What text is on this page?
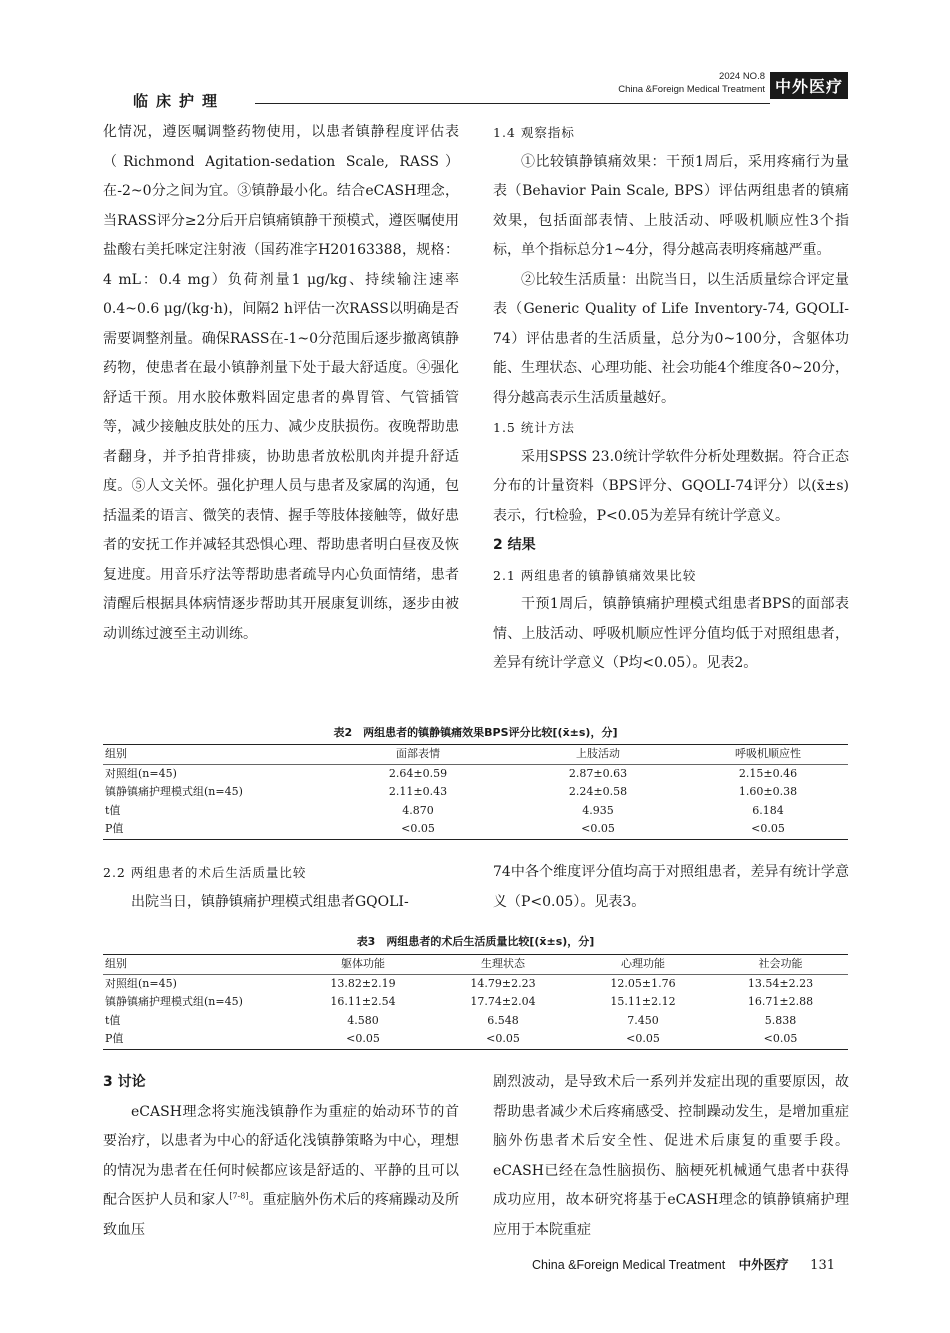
临床护理
2024 NO.8
China &Foreign Medical Treatment 中外医疗

化情况，遵医嘱调整药物使用，以患者镇静程度评估表（Richmond Agitation-sedation Scale, RASS）在-2~0分之间为宜。③镇静最小化。结合eCASH理念，当RASS评分≥2分后开启镇痛镇静干预模式，遵医嘱使用盐酸右美托咪定注射液（国药准字H20163388，规格：4 mL：0.4 mg）负荷剂量1 μg/kg、持续输注速率0.4~0.6 μg/(kg·h)，间隔2 h评估一次RASS以明确是否需要调整剂量。确保RASS在-1~0分范围后逐步撤离镇静药物，使患者在最小镇静剂量下处于最大舒适度。④强化舒适干预。用水胶体敷料固定患者的鼻胃管、气管插管等，减少接触皮肤处的压力、减少皮肤损伤。夜晚帮助患者翻身，并予拍背排痰，协助患者放松肌肉并提升舒适度。⑤人文关怀。强化护理人员与患者及家属的沟通，包括温柔的语言、微笑的表情、握手等肢体接触等，做好患者的安抚工作并减轻其恐惧心理、帮助患者明白昼夜及恢复进度。用音乐疗法等帮助患者疏导内心负面情绪，患者清醒后根据具体病情逐步帮助其开展康复训练，逐步由被动训练过渡至主动训练。

1.4 观察指标

①比较镇静镇痛效果：干预1周后，采用疼痛行为量表（Behavior Pain Scale, BPS）评估两组患者的镇痛效果，包括面部表情、上肢活动、呼吸机顺应性3个指标，单个指标总分1~4分，得分越高表明疼痛越严重。

②比较生活质量：出院当日，以生活质量综合评定量表（Generic Quality of Life Inventory-74, GQOLI-74）评估患者的生活质量，总分为0~100分，含躯体功能、生理状态、心理功能、社会功能4个维度各0~20分，得分越高表示生活质量越好。

1.5 统计方法

采用SPSS 23.0统计学软件分析处理数据。符合正态分布的计量资料（BPS评分、GQOLI-74评分）以(x̄±s)表示，行t检验，P<0.05为差异有统计学意义。

2 结果

2.1 两组患者的镇静镇痛效果比较

干预1周后，镇静镇痛护理模式组患者BPS的面部表情、上肢活动、呼吸机顺应性评分值均低于对照组患者，差异有统计学意义（P均<0.05）。见表2。

表2　两组患者的镇静镇痛效果BPS评分比较[(x̄±s)，分]
组别	面部表情	上肢活动	呼吸机顺应性
对照组(n=45)	2.64±0.59	2.87±0.63	2.15±0.46
镇静镇痛护理模式组(n=45)	2.11±0.43	2.24±0.58	1.60±0.38
t值	4.870	4.935	6.184
P值	<0.05	<0.05	<0.05

2.2 两组患者的术后生活质量比较

出院当日，镇静镇痛护理模式组患者GQOLI-

74中各个维度评分值均高于对照组患者，差异有统计学意义（P<0.05）。见表3。

表3　两组患者的术后生活质量比较[(x̄±s)，分]
组别	躯体功能	生理状态	心理功能	社会功能
对照组(n=45)	13.82±2.19	14.79±2.23	12.05±1.76	13.54±2.23
镇静镇痛护理模式组(n=45)	16.11±2.54	17.74±2.04	15.11±2.12	16.71±2.88
t值	4.580	6.548	7.450	5.838
P值	<0.05	<0.05	<0.05	<0.05

3 讨论

eCASH理念将实施浅镇静作为重症的始动环节的首要治疗，以患者为中心的舒适化浅镇静策略为中心，理想的情况为患者在任何时候都应该是舒适的、平静的且可以配合医护人员和家人[7-8]。重症脑外伤术后的疼痛躁动及所致血压

剧烈波动，是导致术后一系列并发症出现的重要原因，故帮助患者减少术后疼痛感受、控制躁动发生，是增加重症脑外伤患者术后安全性、促进术后康复的重要手段。eCASH已经在急性脑损伤、脑梗死机械通气患者中获得成功应用，故本研究将基于eCASH理念的镇静镇痛护理应用于本院重症

China &Foreign Medical Treatment 中外医疗 131
